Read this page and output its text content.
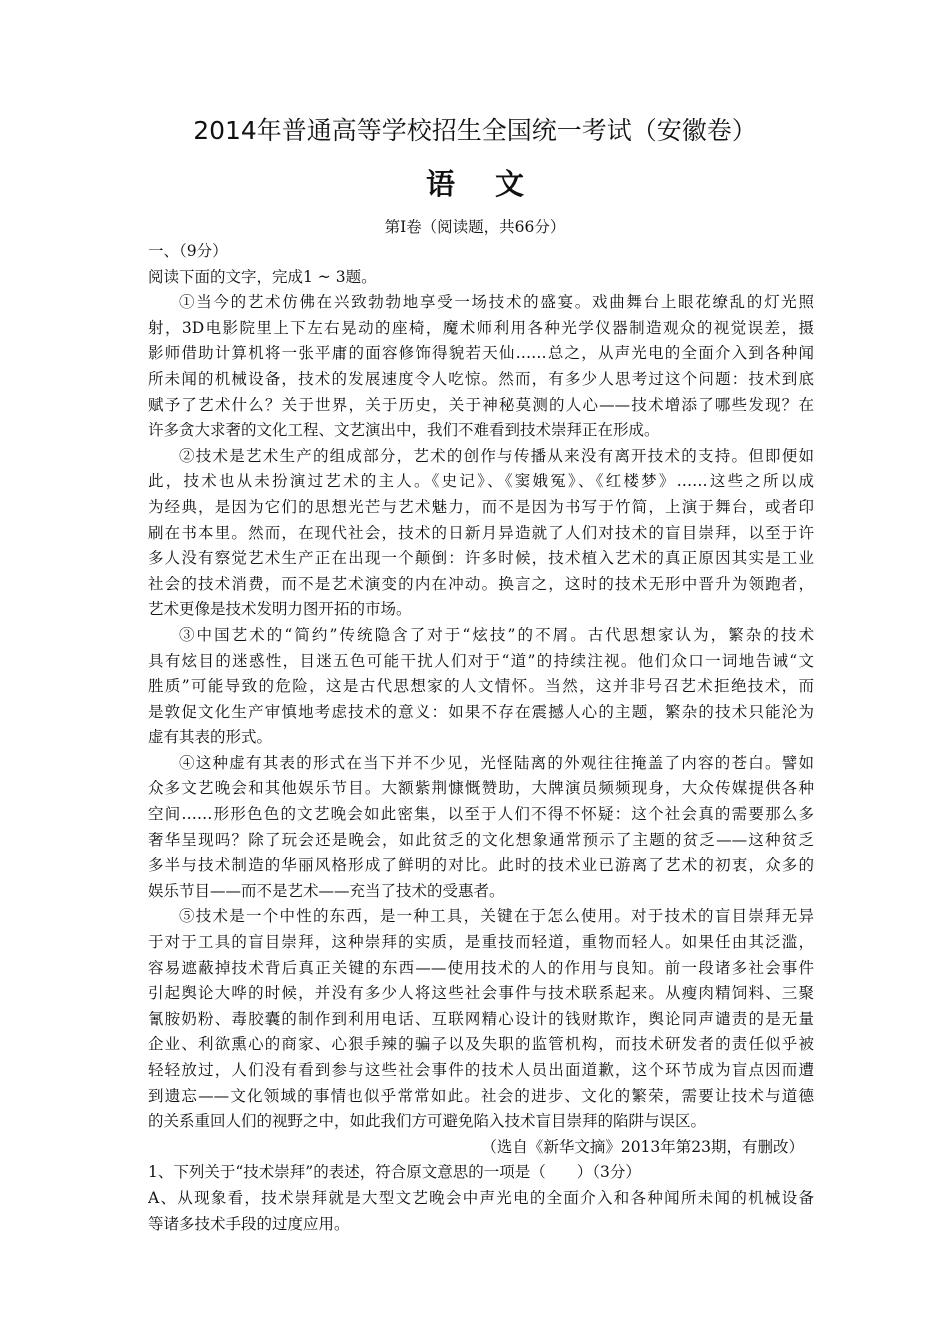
2014年普通高等学校招生全国统一考试（安徽卷）
语文
第Ⅰ卷（阅读题，共66分）
一、（9分）
阅读下面的文字，完成1 ~ 3题。
①当今的艺术仿佛在兴致勃勃地享受一场技术的盛宴。戏曲舞台上眼花缭乱的灯光照
射，3D电影院里上下左右晃动的座椅，魔术师利用各种光学仪器制造观众的视觉误差，摄
影师借助计算机将一张平庸的面容修饰得貌若天仙……总之，从声光电的全面介入到各种闻
所未闻的机械设备，技术的发展速度令人吃惊。然而，有多少人思考过这个问题：技术到底
赋予了艺术什么？关于世界，关于历史，关于神秘莫测的人心——技术增添了哪些发现？在
许多贪大求奢的文化工程、文艺演出中，我们不难看到技术崇拜正在形成。
②技术是艺术生产的组成部分，艺术的创作与传播从来没有离开技术的支持。但即便如
此，技术也从未扮演过艺术的主人。《史记》、《窦娥冤》、《红楼梦》……这些之所以成
为经典，是因为它们的思想光芒与艺术魅力，而不是因为书写于竹简，上演于舞台，或者印
刷在书本里。然而，在现代社会，技术的日新月异造就了人们对技术的盲目崇拜，以至于许
多人没有察觉艺术生产正在出现一个颠倒：许多时候，技术植入艺术的真正原因其实是工业
社会的技术消费，而不是艺术演变的内在冲动。换言之，这时的技术无形中晋升为领跑者，
艺术更像是技术发明力图开拓的市场。
③中国艺术的“简约”传统隐含了对于“炫技”的不屑。古代思想家认为，繁杂的技术
具有炫目的迷惑性，目迷五色可能干扰人们对于“道”的持续注视。他们众口一词地告诫“文
胜质”可能导致的危险，这是古代思想家的人文情怀。当然，这并非号召艺术拒绝技术，而
是敦促文化生产审慎地考虑技术的意义：如果不存在震撼人心的主题，繁杂的技术只能沦为
虚有其表的形式。
④这种虚有其表的形式在当下并不少见，光怪陆离的外观往往掩盖了内容的苍白。譬如
众多文艺晚会和其他娱乐节目。大额紫荆慷慨赞助，大牌演员频频现身，大众传媒提供各种
空间……形形色色的文艺晚会如此密集，以至于人们不得不怀疑：这个社会真的需要那么多
奢华呈现吗？除了玩会还是晚会，如此贫乏的文化想象通常预示了主题的贫乏——这种贫乏
多半与技术制造的华丽风格形成了鲜明的对比。此时的技术业已游离了艺术的初衷，众多的
娱乐节目——而不是艺术——充当了技术的受惠者。
⑤技术是一个中性的东西，是一种工具，关键在于怎么使用。对于技术的盲目崇拜无异
于对于工具的盲目崇拜，这种崇拜的实质，是重技而轻道，重物而轻人。如果任由其泛滥，
容易遮蔽掉技术背后真正关键的东西——使用技术的人的作用与良知。前一段诸多社会事件
引起舆论大哗的时候，并没有多少人将这些社会事件与技术联系起来。从瘦肉精饲料、三聚
氰胺奶粉、毒胶囊的制作到利用电话、互联网精心设计的钱财欺诈，舆论同声谴责的是无量
企业、利欲熏心的商家、心狠手辣的骗子以及失职的监管机构，而技术研发者的责任似乎被
轻轻放过，人们没有看到参与这些社会事件的技术人员出面道歉，这个环节成为盲点因而遭
到遗忘——文化领域的事情也似乎常常如此。社会的进步、文化的繁荣，需要让技术与道德
的关系重回人们的视野之中，如此我们方可避免陷入技术盲目崇拜的陷阱与误区。
（选自《新华文摘》2013年第23期，有删改）
1、下列关于“技术崇拜”的表述，符合原文意思的一项是（　　）（3分）
A、从现象看，技术崇拜就是大型文艺晚会中声光电的全面介入和各种闻所未闻的机械设备
等诸多技术手段的过度应用。
